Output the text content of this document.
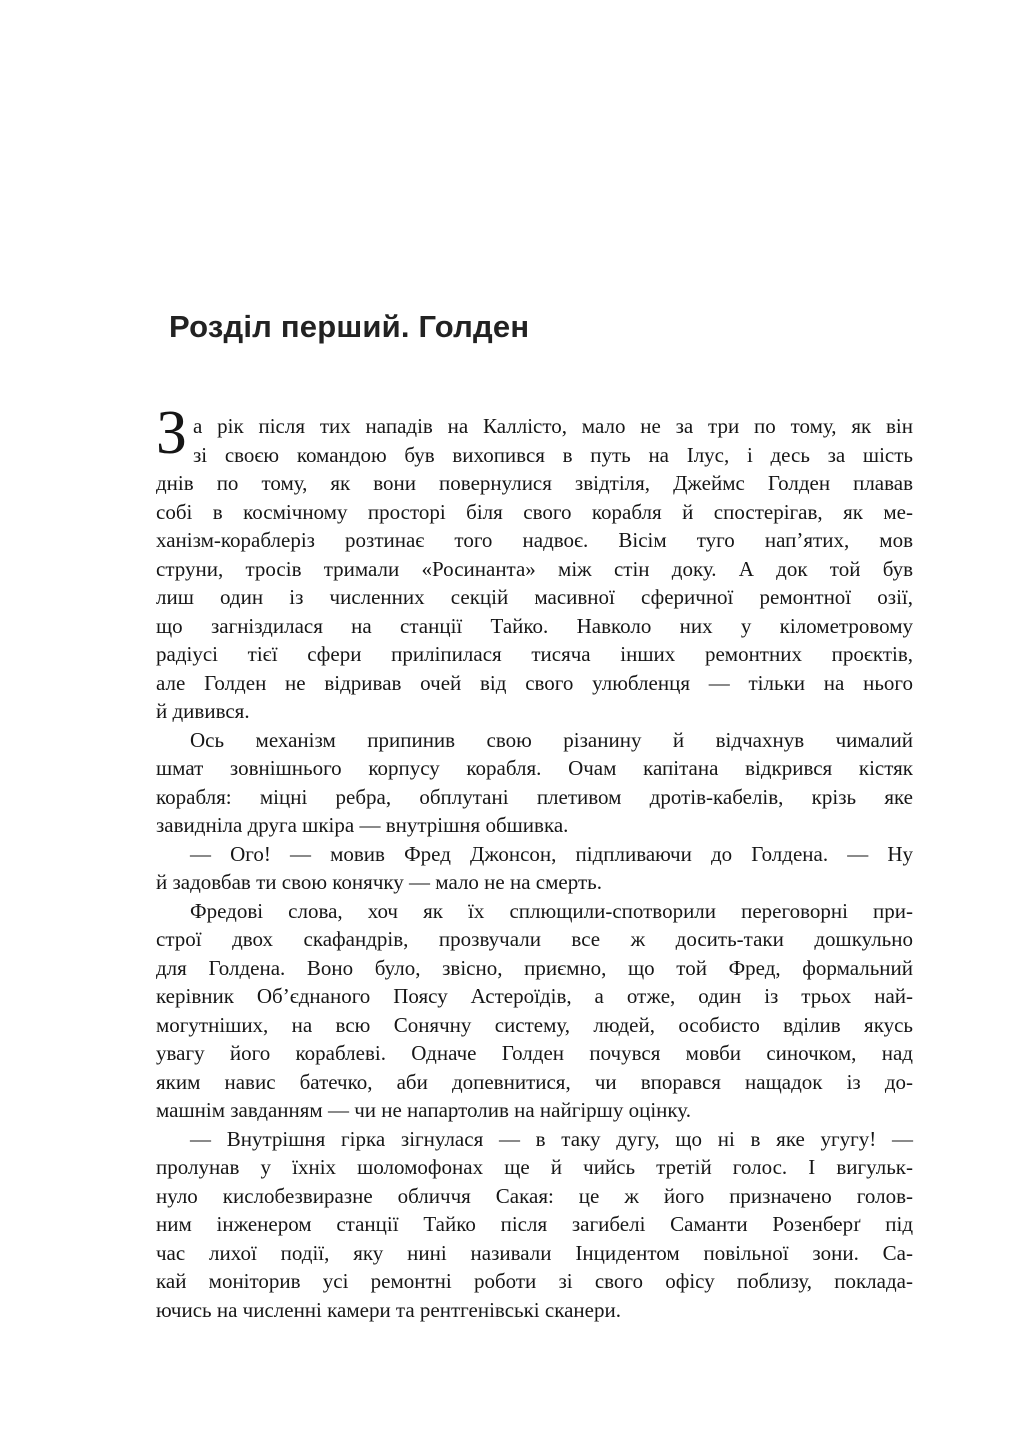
Розділ перший. Голден
З а рік після тих нападів на Каллісто, мало не за три по тому, як він
зі своєю командою був вихопився в путь на Ілус, і десь за шість
днів по тому, як вони повернулися звідтіля, Джеймс Голден плавав
собі в космічному просторі біля свого корабля й спостерігав, як ме-
ханізм-кораблеріз розтинає того надвоє. Вісім туго нап’ятих, мов
струни, тросів тримали «Росинанта» між стін доку. А док той був
лиш один із численних секцій масивної сферичної ремонтної озії,
що загніздилася на станції Тайко. Навколо них у кілометровому
радіусі тієї сфери приліпилася тисяча інших ремонтних проєктів,
але Голден не відривав очей від свого улюбленця — тільки на нього
й дивився.
Ось механізм припинив свою різанину й відчахнув чималий
шмат зовнішнього корпусу корабля. Очам капітана відкрився кістяк
корабля: міцні ребра, обплутані плетивом дротів-кабелів, крізь яке
завидніла друга шкіра — внутрішня обшивка.
— Ого! — мовив Фред Джонсон, підпливаючи до Голдена. — Ну
й задовбав ти свою конячку — мало не на смерть.
Фредові слова, хоч як їх сплющили-спотворили переговорні при-
строї двох скафандрів, прозвучали все ж досить-таки дошкульно
для Голдена. Воно було, звісно, приємно, що той Фред, формальний
керівник Об’єднаного Поясу Астероїдів, а отже, один із трьох най-
могутніших, на всю Сонячну систему, людей, особисто вділив якусь
увагу його кораблеві. Одначе Голден почувся мовби синочком, над
яким навис батечко, аби допевнитися, чи впорався нащадок із до-
машнім завданням — чи не напартолив на найгіршу оцінку.
— Внутрішня гірка зігнулася — в таку дугу, що ні в яке угугу! —
пролунав у їхніх шоломофонах ще й чийсь третій голос. І вигульк-
нуло кислобезвиразне обличчя Сакая: це ж його призначено голов-
ним інженером станції Тайко після загибелі Саманти Розенберґ під
час лихої події, яку нині називали Інцидентом повільної зони. Са-
кай моніторив усі ремонтні роботи зі свого офісу поблизу, поклада-
ючись на численні камери та рентгенівські сканери.
